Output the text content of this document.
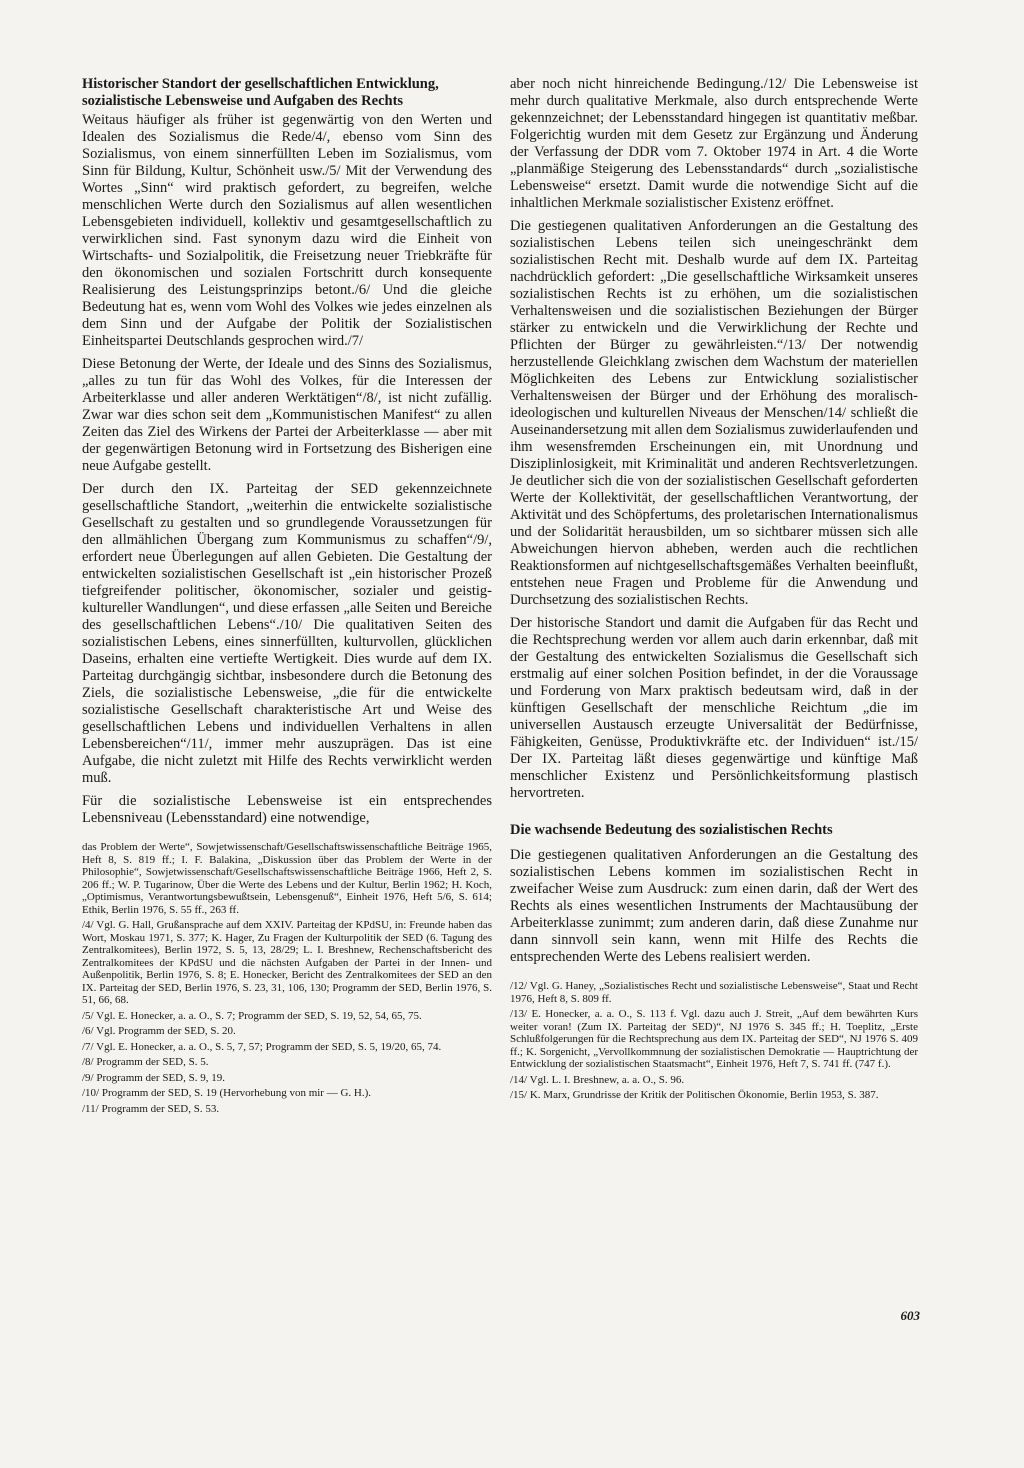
Historischer Standort der gesellschaftlichen Entwicklung, sozialistische Lebensweise und Aufgaben des Rechts

Weitaus häufiger als früher ist gegenwärtig von den Werten und Idealen des Sozialismus die Rede/4/, ebenso vom Sinn des Sozialismus, von einem sinnerfüllten Leben im Sozialismus, vom Sinn für Bildung, Kultur, Schönheit usw./5/ Mit der Verwendung des Wortes „Sinn“ wird praktisch gefordert, zu begreifen, welche menschlichen Werte durch den Sozialismus auf allen wesentlichen Lebensgebieten individuell, kollektiv und gesamtgesellschaftlich zu verwirklichen sind. Fast synonym dazu wird die Einheit von Wirtschafts- und Sozialpolitik, die Freisetzung neuer Triebkräfte für den ökonomischen und sozialen Fortschritt durch konsequente Realisierung des Leistungsprinzips betont./6/ Und die gleiche Bedeutung hat es, wenn vom Wohl des Volkes wie jedes einzelnen als dem Sinn und der Aufgabe der Politik der Sozialistischen Einheitspartei Deutschlands gesprochen wird./7/

Diese Betonung der Werte, der Ideale und des Sinns des Sozialismus, „alles zu tun für das Wohl des Volkes, für die Interessen der Arbeiterklasse und aller anderen Werktätigen“/8/, ist nicht zufällig. Zwar war dies schon seit dem „Kommunistischen Manifest“ zu allen Zeiten das Ziel des Wirkens der Partei der Arbeiterklasse — aber mit der gegenwärtigen Betonung wird in Fortsetzung des Bisherigen eine neue Aufgabe gestellt.

Der durch den IX. Parteitag der SED gekennzeichnete gesellschaftliche Standort, „weiterhin die entwickelte sozialistische Gesellschaft zu gestalten und so grundlegende Voraussetzungen für den allmählichen Übergang zum Kommunismus zu schaffen“/9/, erfordert neue Überlegungen auf allen Gebieten. Die Gestaltung der entwickelten sozialistischen Gesellschaft ist „ein historischer Prozeß tiefgreifender politischer, ökonomischer, sozialer und geistig-kultureller Wandlungen“, und diese erfassen „alle Seiten und Bereiche des gesellschaftlichen Lebens“./10/ Die qualitativen Seiten des sozialistischen Lebens, eines sinnerfüllten, kulturvollen, glücklichen Daseins, erhalten eine vertiefte Wertigkeit. Dies wurde auf dem IX. Parteitag durchgängig sichtbar, insbesondere durch die Betonung des Ziels, die sozialistische Lebensweise, „die für die entwickelte sozialistische Gesellschaft charakteristische Art und Weise des gesellschaftlichen Lebens und individuellen Verhaltens in allen Lebensbereichen“/11/, immer mehr auszuprägen. Das ist eine Aufgabe, die nicht zuletzt mit Hilfe des Rechts verwirklicht werden muß.

Für die sozialistische Lebensweise ist ein entsprechendes Lebensniveau (Lebensstandard) eine notwendige,

das Problem der Werte“, Sowjetwissenschaft/Gesellschaftswissenschaftliche Beiträge 1965, Heft 8, S. 819 ff.; I. F. Balakina, „Diskussion über das Problem der Werte in der Philosophie“, Sowjetwissenschaft/Gesellschaftswissenschaftliche Beiträge 1966, Heft 2, S. 206 ff.; W. P. Tugarinow, Über die Werte des Lebens und der Kultur, Berlin 1962; H. Koch, „Optimismus, Verantwortungsbewußtsein, Lebensgenuß“, Einheit 1976, Heft 5/6, S. 614; Ethik, Berlin 1976, S. 55 ff., 263 ff.

/4/ Vgl. G. Hall, Grußansprache auf dem XXIV. Parteitag der KPdSU, in: Freunde haben das Wort, Moskau 1971, S. 377; K. Hager, Zu Fragen der Kulturpolitik der SED (6. Tagung des Zentralkomitees), Berlin 1972, S. 5, 13, 28/29; L. I. Breshnew, Rechenschaftsbericht des Zentralkomitees der KPdSU und die nächsten Aufgaben der Partei in der Innen- und Außenpolitik, Berlin 1976, S. 8; E. Honecker, Bericht des Zentralkomitees der SED an den IX. Parteitag der SED, Berlin 1976, S. 23, 31, 106, 130; Programm der SED, Berlin 1976, S. 51, 66, 68.

/5/ Vgl. E. Honecker, a. a. O., S. 7; Programm der SED, S. 19, 52, 54, 65, 75.

/6/ Vgl. Programm der SED, S. 20.

/7/ Vgl. E. Honecker, a. a. O., S. 5, 7, 57; Programm der SED, S. 5, 19/20, 65, 74.

/8/ Programm der SED, S. 5.

/9/ Programm der SED, S. 9, 19.

/10/ Programm der SED, S. 19 (Hervorhebung von mir — G. H.).

/11/ Programm der SED, S. 53.

aber noch nicht hinreichende Bedingung./12/ Die Lebensweise ist mehr durch qualitative Merkmale, also durch entsprechende Werte gekennzeichnet; der Lebensstandard hingegen ist quantitativ meßbar. Folgerichtig wurden mit dem Gesetz zur Ergänzung und Änderung der Verfassung der DDR vom 7. Oktober 1974 in Art. 4 die Worte „planmäßige Steigerung des Lebensstandards“ durch „sozialistische Lebensweise“ ersetzt. Damit wurde die notwendige Sicht auf die inhaltlichen Merkmale sozialistischer Existenz eröffnet.

Die gestiegenen qualitativen Anforderungen an die Gestaltung des sozialistischen Lebens teilen sich uneingeschränkt dem sozialistischen Recht mit. Deshalb wurde auf dem IX. Parteitag nachdrücklich gefordert: „Die gesellschaftliche Wirksamkeit unseres sozialistischen Rechts ist zu erhöhen, um die sozialistischen Verhaltensweisen und die sozialistischen Beziehungen der Bürger stärker zu entwickeln und die Verwirklichung der Rechte und Pflichten der Bürger zu gewährleisten.“/13/ Der notwendig herzustellende Gleichklang zwischen dem Wachstum der materiellen Möglichkeiten des Lebens zur Entwicklung sozialistischer Verhaltensweisen der Bürger und der Erhöhung des moralisch-ideologischen und kulturellen Niveaus der Menschen/14/ schließt die Auseinandersetzung mit allen dem Sozialismus zuwiderlaufenden und ihm wesensfremden Erscheinungen ein, mit Unordnung und Disziplinlosigkeit, mit Kriminalität und anderen Rechtsverletzungen. Je deutlicher sich die von der sozialistischen Gesellschaft geforderten Werte der Kollektivität, der gesellschaftlichen Verantwortung, der Aktivität und des Schöpfertums, des proletarischen Internationalismus und der Solidarität herausbilden, um so sichtbarer müssen sich alle Abweichungen hiervon abheben, werden auch die rechtlichen Reaktionsformen auf nichtgesellschaftsgemäßes Verhalten beeinflußt, entstehen neue Fragen und Probleme für die Anwendung und Durchsetzung des sozialistischen Rechts.

Der historische Standort und damit die Aufgaben für das Recht und die Rechtsprechung werden vor allem auch darin erkennbar, daß mit der Gestaltung des entwickelten Sozialismus die Gesellschaft sich erstmalig auf einer solchen Position befindet, in der die Voraussage und Forderung von Marx praktisch bedeutsam wird, daß in der künftigen Gesellschaft der menschliche Reichtum „die im universellen Austausch erzeugte Universalität der Bedürfnisse, Fähigkeiten, Genüsse, Produktivkräfte etc. der Individuen“ ist./15/ Der IX. Parteitag läßt dieses gegenwärtige und künftige Maß menschlicher Existenz und Persönlichkeitsformung plastisch hervortreten.

Die wachsende Bedeutung des sozialistischen Rechts

Die gestiegenen qualitativen Anforderungen an die Gestaltung des sozialistischen Lebens kommen im sozialistischen Recht in zweifacher Weise zum Ausdruck: zum einen darin, daß der Wert des Rechts als eines wesentlichen Instruments der Machtausübung der Arbeiterklasse zunimmt; zum anderen darin, daß diese Zunahme nur dann sinnvoll sein kann, wenn mit Hilfe des Rechts die entsprechenden Werte des Lebens realisiert werden.

/12/ Vgl. G. Haney, „Sozialistisches Recht und sozialistische Lebensweise“, Staat und Recht 1976, Heft 8, S. 809 ff.

/13/ E. Honecker, a. a. O., S. 113 f. Vgl. dazu auch J. Streit, „Auf dem bewährten Kurs weiter voran! (Zum IX. Parteitag der SED)“, NJ 1976 S. 345 ff.; H. Toeplitz, „Erste Schlußfolgerungen für die Rechtsprechung aus dem IX. Parteitag der SED“, NJ 1976 S. 409 ff.; K. Sorgenicht, „Vervollkommnung der sozialistischen Demokratie — Hauptrichtung der Entwicklung der sozialistischen Staatsmacht“, Einheit 1976, Heft 7, S. 741 ff. (747 f.).

/14/ Vgl. L. I. Breshnew, a. a. O., S. 96.

/15/ K. Marx, Grundrisse der Kritik der Politischen Ökonomie, Berlin 1953, S. 387.

603
